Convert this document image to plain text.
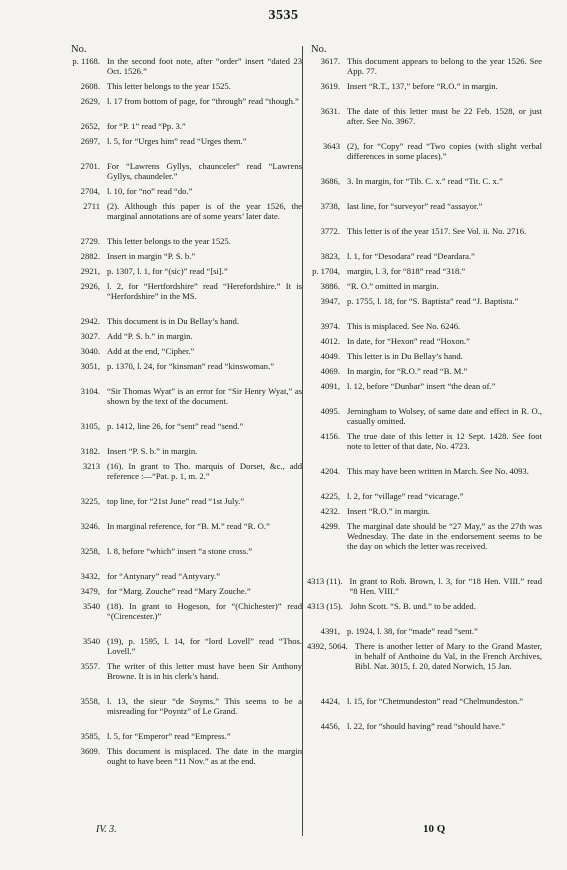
3535
No.
p. 1168. In the second foot note, after “order” insert “dated 23 Oct. 1526.”
2608. This letter belongs to the year 1525.
2629, l. 17 from bottom of page, for “through” read “though.”
2652, for “P. 1” read “Pp. 3.”
2697, l. 5, for “Urges him” read “Urges them.”
2701. For “Lawrens Gyllys, chaunceler” read “Lawrens Gyllys, chaundeler.”
2704, l. 10, for “no” read “do.”
2711 (2). Although this paper is of the year 1526, the marginal annotations are of some years’ later date.
2729. This letter belongs to the year 1525.
2882. Insert in margin “P. S. b.”
2921, p. 1307, l. 1, for “(sic)” read “[si].”
2926, l. 2, for “Hertfordshire” read “Herefordshire.” It is “Herfordshire” in the MS.
2942. This document is in Du Bellay’s hand.
3027. Add “P. S. b.” in margin.
3040. Add at the end, “Cipher.”
3051, p. 1370, l. 24, for “kinsman” read “kinswoman.”
3104. “Sir Thomas Wyat” is an error for “Sir Henry Wyat,” as shown by the text of the document.
3105, p. 1412, line 26, for “sent” read “send.”
3182. Insert “P. S. b.” in margin.
3213 (16). In grant to Tho. marquis of Dorset, &c., add reference :—“Pat. p. 1, m. 2.”
3225, top line, for “21st June” read “1st July.”
3246. In marginal reference, for “B. M.” read “R. O.”
3258, l. 8, before “which” insert “a stone cross.”
3432, for “Antynary” read “Antyvary.”
3479, for “Marg. Zouche” read “Mary Zouche.”
3540 (18). In grant to Hogeson, for “(Chichester)” read “(Cirencester.)”
3540 (19), p. 1595, l. 14, for “lord Lovell” read “Thos. Lovell.”
3557. The writer of this letter must have been Sir Anthony Browne. It is in his clerk’s hand.
3558, l. 13, the sieur “de Soyms.” This seems to be a misreading for “Poyntz” of Le Grand.
3585, l. 5, for “Emperor” read “Empress.”
3609. This document is misplaced. The date in the margin ought to have been “11 Nov.” as at the end.
No.
3617. This document appears to belong to the year 1526. See App. 77.
3619. Insert “R.T., 137,” before “R.O.” in margin.
3631. The date of this letter must be 22 Feb. 1528, or just after. See No. 3967.
3643 (2), for “Copy” read “Two copies (with slight verbal differences in some places).”
3686, 3. In margin, for “Tib. C. x.” read “Tit. C. x.”
3738, last line, for “surveyor” read “assayor.”
3772. This letter is of the year 1517. See Vol. ii. No. 2716.
3823, l. 1, for “Desodara” read “Deardara.”
p. 1704, margin, l. 3, for “818” read “318.”
3886. “R. O.” omitted in margin.
3947, p. 1755, l. 18, for “S. Baptista” read “J. Baptista.”
3974. This is misplaced. See No. 6246.
4012. In date, for “Hexon” read “Hoxon.”
4049. This letter is in Du Bellay’s hand.
4069. In margin, for “R.O.” read “B. M.”
4091, l. 12, before “Dunbar” insert “the dean of.”
4095. Jerningham to Wolsey, of same date and effect in R. O., casually omitted.
4156. The true date of this letter is 12 Sept. 1428. See foot note to letter of that date, No. 4723.
4204. This may have been written in March. See No. 4093.
4225, l. 2, for “village” read “vicarage.”
4232. Insert “R.O.” in margin.
4299. The marginal date should be “27 May,” as the 27th was Wednesday. The date in the endorsement seems to be the day on which the letter was received.
4313 (11). In grant to Rob. Brown, l. 3, for “18 Hen. VIII.” read “8 Hen. VIII.”
4313 (15). John Scott. “S. B. und.” to be added.
4391, p. 1924, l. 38, for “made” read “sent.”
4392, 5064. There is another letter of Mary to the Grand Master, in behalf of Anthoine du Val, in the French Archives, Bibl. Nat. 3015, f. 20, dated Norwich, 15 Jan.
4424, l. 15, for “Chetmundeston” read “Chelmundeston.”
4456, l. 22, for “should having” read “should have.”
IV. 3.	10 Q
